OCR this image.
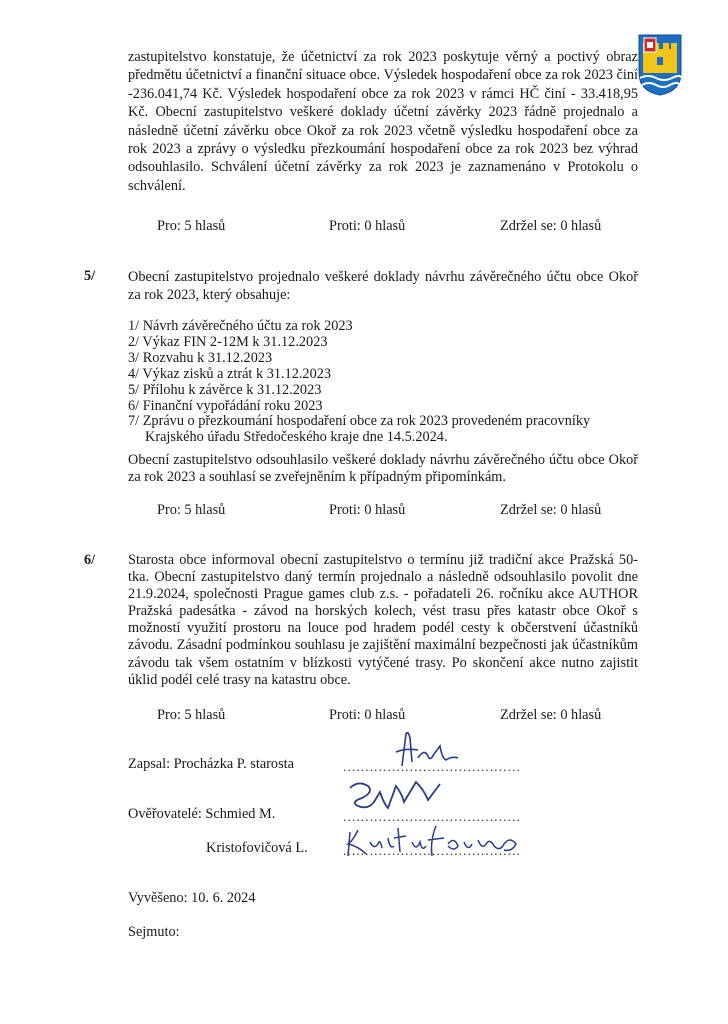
zastupitelstvo konstatuje, že účetnictví za rok 2023 poskytuje věrný a poctivý obraz předmětu účetnictví a finanční situace obce. Výsledek hospodaření obce za rok 2023 činí -236.041,74 Kč. Výsledek hospodaření obce za rok 2023 v rámci HČ činí - 33.418,95 Kč. Obecní zastupitelstvo veškeré doklady účetní závěrky 2023 řádně projednalo a následně účetní závěrku obce Okoř za rok 2023 včetně výsledku hospodaření obce za rok 2023 a zprávy o výsledku přezkoumání hospodaření obce za rok 2023 bez výhrad odsouhlasilo. Schválení účetní závěrky za rok 2023 je zaznamenáno v Protokolu o schválení.

Pro: 5 hlasů	Proti: 0 hlasů	Zdržel se: 0 hlasů
5/ Obecní zastupitelstvo projednalo veškeré doklady návrhu závěrečného účtu obce Okoř za rok 2023, který obsahuje:

1/ Návrh závěrečného účtu za rok 2023
2/ Výkaz FIN 2-12M k 31.12.2023
3/ Rozvahu k 31.12.2023
4/ Výkaz zisků a ztrát k 31.12.2023
5/ Přílohu k závěrce k 31.12.2023
6/ Finanční vypořádání roku 2023
7/ Zprávu o přezkoumání hospodaření obce za rok 2023 provedeném pracovníky
Krajského úřadu Středočeského kraje dne 14.5.2024.

Obecní zastupitelstvo odsouhlasilo veškeré doklady návrhu závěrečného účtu obce Okoř za rok 2023 a souhlasí se zveřejněním k případným připomínkám.

Pro: 5 hlasů	Proti: 0 hlasů	Zdržel se: 0 hlasů
6/ Starosta obce informoval obecní zastupitelstvo o termínu již tradiční akce Pražská 50-tka. Obecní zastupitelstvo daný termín projednalo a následně odsouhlasilo povolit dne 21.9.2024, společnosti Prague games club z.s. - pořadateli 26. ročníku akce AUTHOR Pražská padesátka - závod na horských kolech, vést trasu přes katastr obce Okoř s možností využití prostoru na louce pod hradem podél cesty k občerstvení účastníků závodu. Zásadní podmínkou souhlasu je zajištění maximální bezpečnosti jak účastníkům závodu tak všem ostatním v blízkosti vytýčené trasy. Po skončení akce nutno zajistit úklid podél celé trasy na katastru obce.

Pro: 5 hlasů	Proti: 0 hlasů	Zdržel se: 0 hlasů
Zapsal: Procházka P. starosta	........................................
Ověřovatelé: Schmied M.	........................................
Kristofovičová L.	........................................
Vyvěšeno: 10. 6. 2024
Sejmuto:
